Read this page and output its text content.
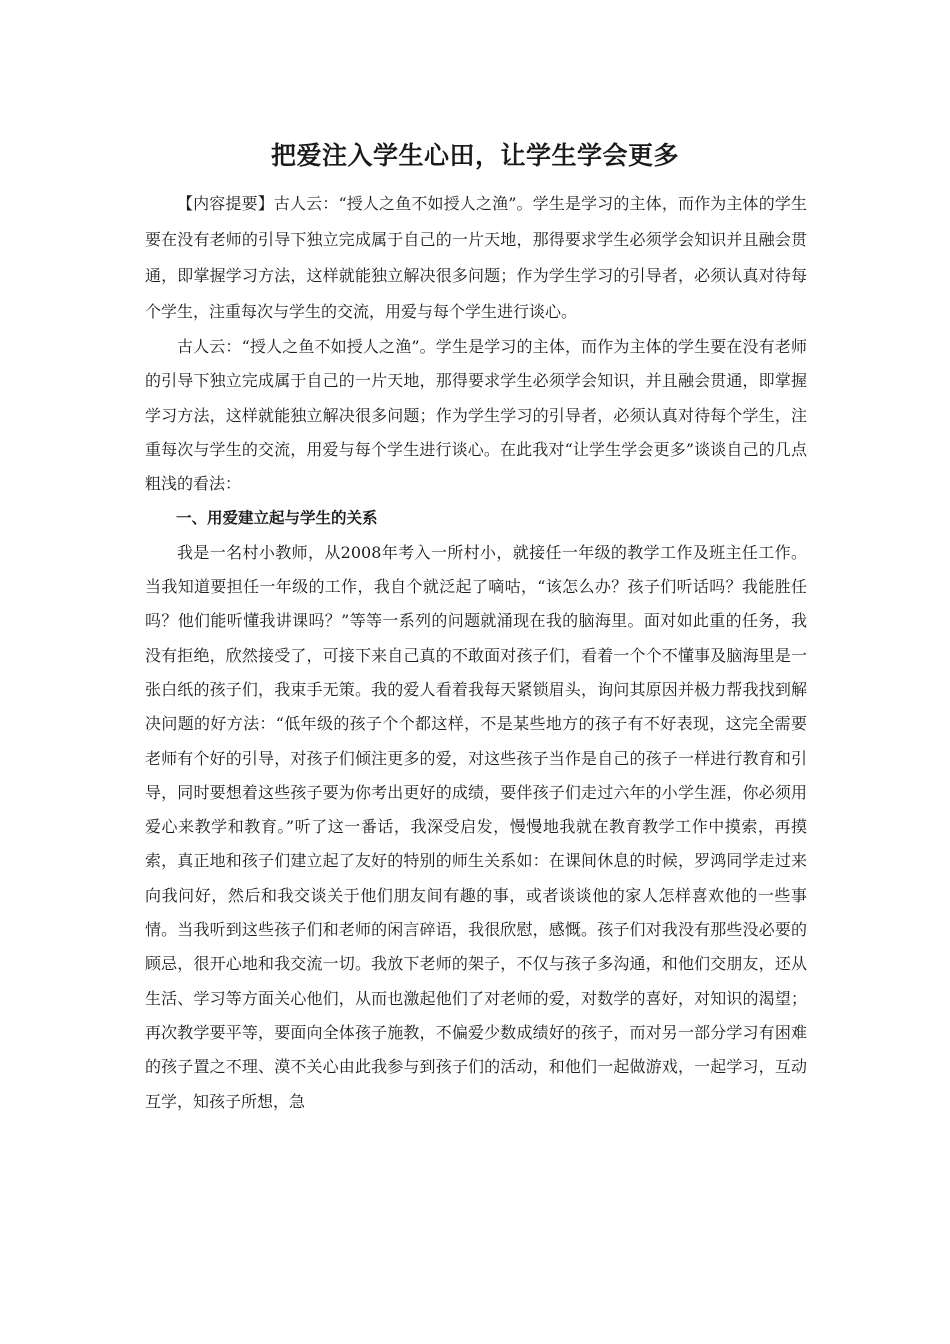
把爱注入学生心田，让学生学会更多

【内容提要】古人云：“授人之鱼不如授人之渔”。学生是学习的主体，而作为主体的学生要在没有老师的引导下独立完成属于自己的一片天地，那得要求学生必须学会知识并且融会贯通，即掌握学习方法，这样就能独立解决很多问题；作为学生学习的引导者，必须认真对待每个学生，注重每次与学生的交流，用爱与每个学生进行谈心。

古人云：“授人之鱼不如授人之渔”。学生是学习的主体，而作为主体的学生要在没有老师的引导下独立完成属于自己的一片天地，那得要求学生必须学会知识，并且融会贯通，即掌握学习方法，这样就能独立解决很多问题；作为学生学习的引导者，必须认真对待每个学生，注重每次与学生的交流，用爱与每个学生进行谈心。在此我对“让学生学会更多”谈谈自己的几点粗浅的看法：

一、用爱建立起与学生的关系

我是一名村小教师，从2008年考入一所村小，就接任一年级的教学工作及班主任工作。当我知道要担任一年级的工作，我自个就泛起了嘀咕，“该怎么办？孩子们听话吗？我能胜任吗？他们能听懂我讲课吗？”等等一系列的问题就涌现在我的脑海里。面对如此重的任务，我没有拒绝，欣然接受了，可接下来自己真的不敢面对孩子们，看着一个个不懂事及脑海里是一张白纸的孩子们，我束手无策。我的爱人看着我每天紧锁眉头，询问其原因并极力帮我找到解决问题的好方法：“低年级的孩子个个都这样，不是某些地方的孩子有不好表现，这完全需要老师有个好的引导，对孩子们倾注更多的爱，对这些孩子当作是自己的孩子一样进行教育和引导，同时要想着这些孩子要为你考出更好的成绩，要伴孩子们走过六年的小学生涯，你必须用爱心来教学和教育。”听了这一番话，我深受启发，慢慢地我就在教育教学工作中摸索，再摸索，真正地和孩子们建立起了友好的特别的师生关系如：在课间休息的时候，罗鸿同学走过来向我问好，然后和我交谈关于他们朋友间有趣的事，或者谈谈他的家人怎样喜欢他的一些事情。当我听到这些孩子们和老师的闲言碎语，我很欣慰，感慨。孩子们对我没有那些没必要的顾忌，很开心地和我交流一切。我放下老师的架子，不仅与孩子多沟通，和他们交朋友，还从生活、学习等方面关心他们，从而也激起他们了对老师的爱，对数学的喜好，对知识的渴望；再次教学要平等，要面向全体孩子施教，不偏爱少数成绩好的孩子，而对另一部分学习有困难的孩子置之不理、漠不关心由此我参与到孩子们的活动，和他们一起做游戏，一起学习，互动互学，知孩子所想，急
